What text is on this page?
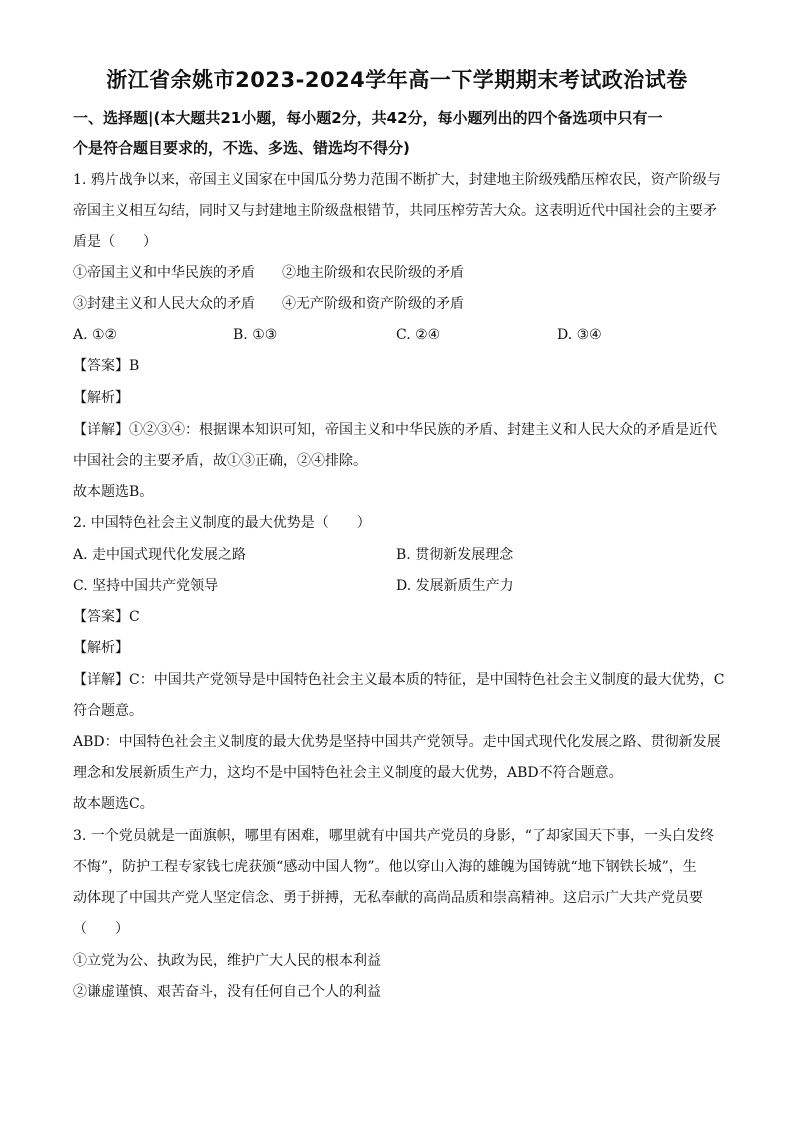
浙江省余姚市2023-2024学年高一下学期期末考试政治试卷
一、选择题|(本大题共21小题，每小题2分，共42分，每小题列出的四个备选项中只有一
个是符合题目要求的，不选、多选、错选均不得分)
1. 鸦片战争以来，帝国主义国家在中国瓜分势力范围不断扩大，封建地主阶级残酷压榨农民，资产阶级与
帝国主义相互勾结，同时又与封建地主阶级盘根错节，共同压榨劳苦大众。这表明近代中国社会的主要矛
盾是（　　）
①帝国主义和中华民族的矛盾 ②地主阶级和农民阶级的矛盾
③封建主义和人民大众的矛盾 ④无产阶级和资产阶级的矛盾
A. ①②	B. ①③	C. ②④	D. ③④
【答案】B
【解析】
【详解】①②③④：根据课本知识可知，帝国主义和中华民族的矛盾、封建主义和人民大众的矛盾是近代
中国社会的主要矛盾，故①③正确，②④排除。
故本题选B。
2. 中国特色社会主义制度的最大优势是（　　）
A. 走中国式现代化发展之路	B. 贯彻新发展理念
C. 坚持中国共产党领导	D. 发展新质生产力
【答案】C
【解析】
【详解】C：中国共产党领导是中国特色社会主义最本质的特征，是中国特色社会主义制度的最大优势，C
符合题意。
ABD：中国特色社会主义制度的最大优势是坚持中国共产党领导。走中国式现代化发展之路、贯彻新发展
理念和发展新质生产力，这均不是中国特色社会主义制度的最大优势，ABD不符合题意。
故本题选C。
3. 一个党员就是一面旗帜，哪里有困难，哪里就有中国共产党员的身影，“了却家国天下事，一头白发终
不悔”，防护工程专家钱七虎获颁“感动中国人物”。他以穿山入海的雄魄为国铸就“地下钢铁长城”，生
动体现了中国共产党人坚定信念、勇于拼搏，无私奉献的高尚品质和崇高精神。这启示广大共产党员要
（　　）
①立党为公、执政为民，维护广大人民的根本利益
②谦虚谨慎、艰苦奋斗，没有任何自己个人的利益
